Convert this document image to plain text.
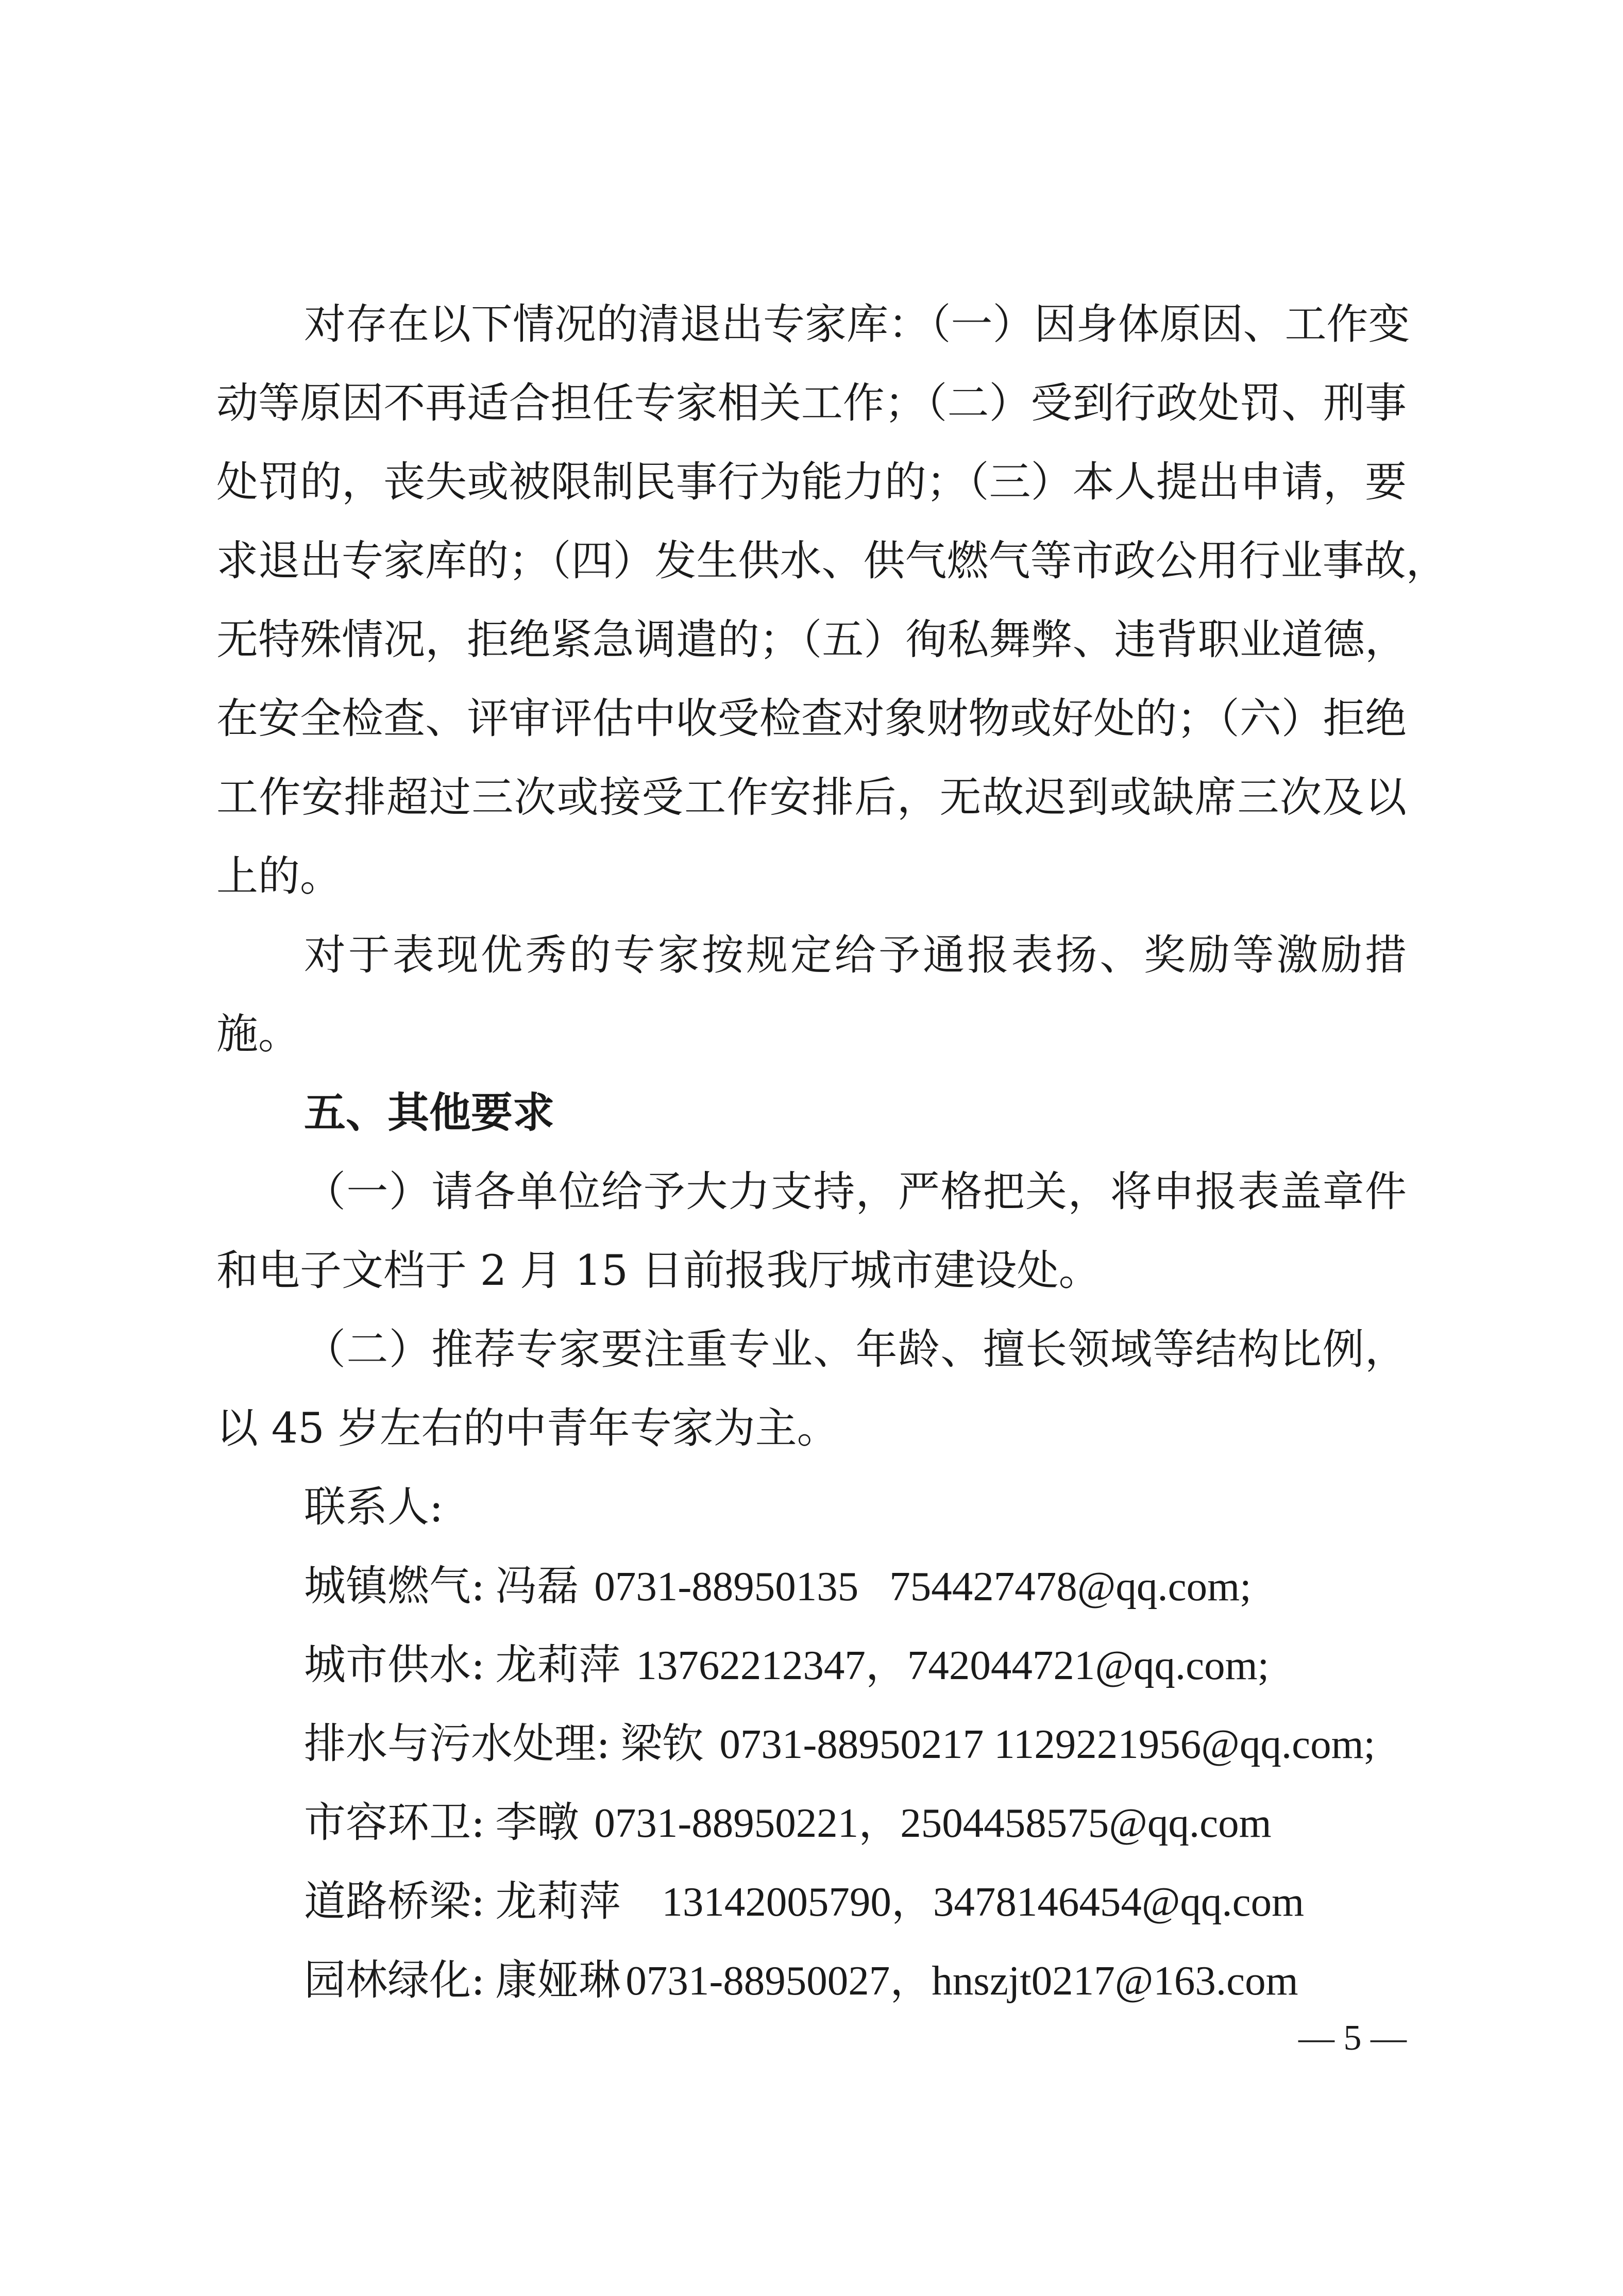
对存在以下情况的清退出专家库：（一）因身体原因、工作变
动等原因不再适合担任专家相关工作；（二）受到行政处罚、刑事
处罚的，丧失或被限制民事行为能力的；（三）本人提出申请，要
求退出专家库的；（四）发生供水、供气燃气等市政公用行业事故，
无特殊情况，拒绝紧急调遣的；（五）徇私舞弊、违背职业道德，
在安全检查、评审评估中收受检查对象财物或好处的；（六）拒绝
工作安排超过三次或接受工作安排后，无故迟到或缺席三次及以
上的。
对于表现优秀的专家按规定给予通报表扬、奖励等激励措
施。
五、其他要求
（一）请各单位给予大力支持，严格把关，将申报表盖章件
和电子文档于 2 月 15 日前报我厅城市建设处。
（二）推荐专家要注重专业、年龄、擅长领域等结构比例，
以 45 岁左右的中青年专家为主。
联系人:
城镇燃气: 冯磊 0731-88950135 754427478@qq.com;
城市供水: 龙莉萍 13762212347，742044721@qq.com;
排水与污水处理: 梁钦 0731-88950217 1129221956@qq.com;
市容环卫: 李暾 0731-88950221，2504458575@qq.com
道路桥梁: 龙莉萍 13142005790，3478146454@qq.com
园林绿化: 康娅琳 0731-88950027，hnszjt0217@163.com
— 5 —
